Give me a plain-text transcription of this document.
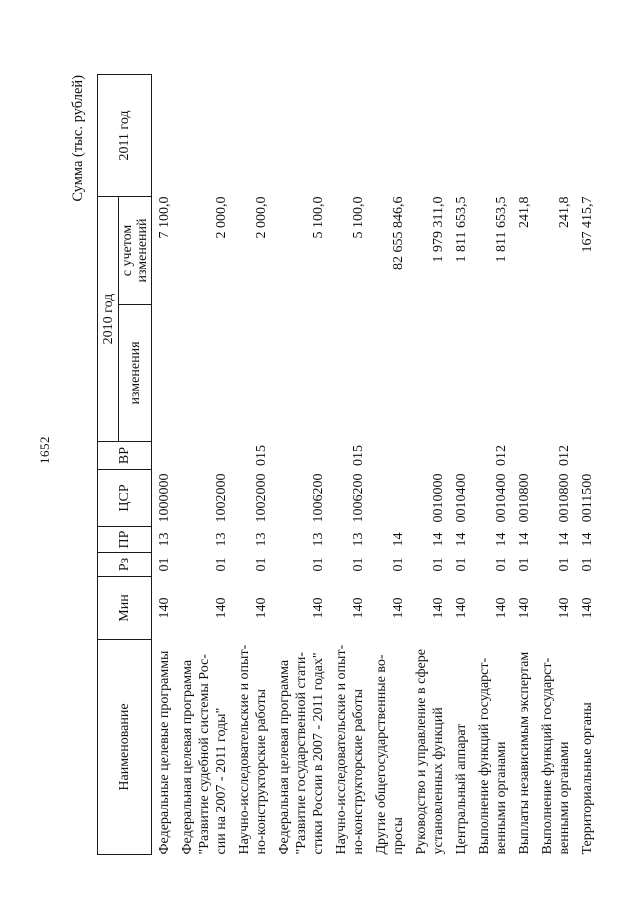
1652
Сумма (тыс. рублей)
Наименование	Мин	Рз	ПР	ЦСР	ВР	2010 год		2011 год
						изменения	с учетом изменений	

Федеральные целевые программы	140	01	13	1000000			7 100,0	

Федеральная целевая программа "Развитие судебной системы Рос- сии на 2007 - 2011 годы"	140	01	13	1002000			2 000,0	

Научно-исследовательские и опыт- но-конструкторские работы	140	01	13	1002000	015		2 000,0	

Федеральная целевая программа "Развитие государственной стати- стики России в 2007 - 2011 годах"	140	01	13	1006200			5 100,0	

Научно-исследовательские и опыт- но-конструкторские работы	140	01	13	1006200	015		5 100,0	

Другие общегосударственные во- просы	140	01	14				82 655 846,6	

Руководство и управление в сфере установленных функций	140	01	14	0010000			1 979 311,0	

Центральный аппарат	140	01	14	0010400			1 811 653,5	

Выполнение функций государст- венными органами	140	01	14	0010400	012		1 811 653,5	

Выплаты независимым экспертам	140	01	14	0010800			241,8	

Выполнение функций государст- венными органами	140	01	14	0010800	012		241,8	

Территориальные органы	140	01	14	0011500			167 415,7	
